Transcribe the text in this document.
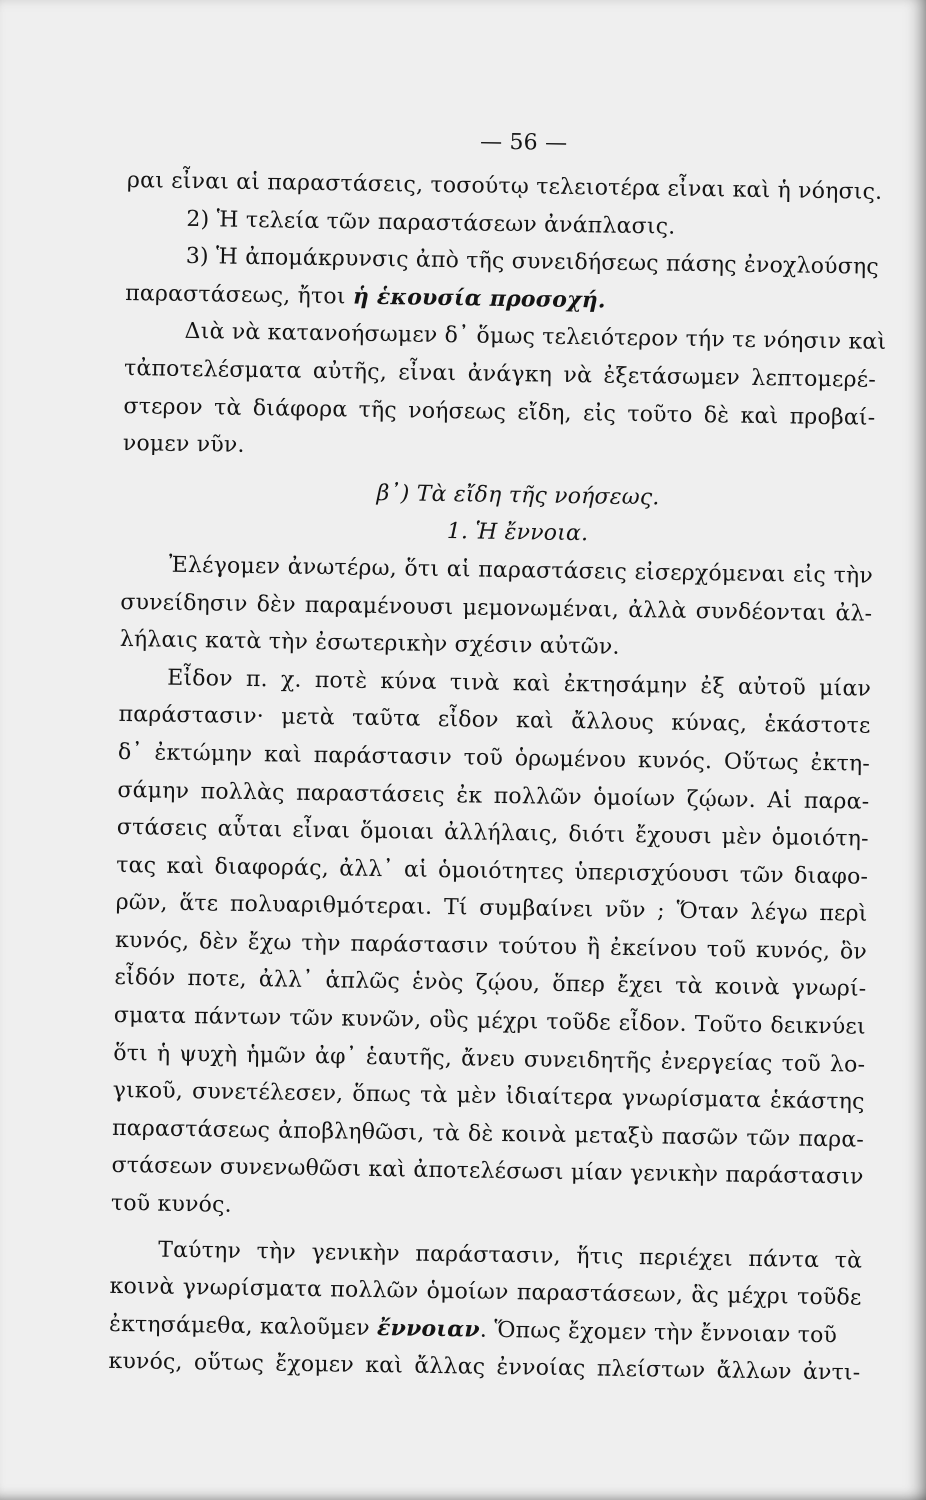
— 56 —
ραι εἶναι αἱ παραστάσεις, τοσούτῳ τελειοτέρα εἶναι καὶ ἡ νόησις.
2) Ἡ τελεία τῶν παραστάσεων ἀνάπλασις.
3) Ἡ ἀπομάκρυνσις ἀπὸ τῆς συνειδήσεως πάσης ἐνοχλούσης
παραστάσεως, ἤτοι ἡ ἑκουσία προσοχή.
Διὰ νὰ κατανοήσωμεν δ᾽ ὅμως τελειότερον τήν τε νόησιν καὶ
τἀποτελέσματα αὐτῆς, εἶναι ἀνάγκη νὰ ἐξετάσωμεν λεπτομερέ-
στερον τὰ διάφορα τῆς νοήσεως εἴδη, εἰς τοῦτο δὲ καὶ προβαί-
νομεν νῦν.
β᾽) Τὰ εἴδη τῆς νοήσεως.
1. Ἡ ἔννοια.
Ἐλέγομεν ἀνωτέρω, ὅτι αἱ παραστάσεις εἰσερχόμεναι εἰς τὴν
συνείδησιν δὲν παραμένουσι μεμονωμέναι, ἀλλὰ συνδέονται ἀλ-
λήλαις κατὰ τὴν ἐσωτερικὴν σχέσιν αὐτῶν.
Εἶδον π. χ. ποτὲ κύνα τινὰ καὶ ἐκτησάμην ἐξ αὐτοῦ μίαν
παράστασιν· μετὰ ταῦτα εἶδον καὶ ἄλλους κύνας, ἑκάστοτε
δ᾽ ἐκτώμην καὶ παράστασιν τοῦ ὁρωμένου κυνός. Οὕτως ἐκτη-
σάμην πολλὰς παραστάσεις ἐκ πολλῶν ὁμοίων ζῴων. Αἱ παρα-
στάσεις αὗται εἶναι ὅμοιαι ἀλλήλαις, διότι ἔχουσι μὲν ὁμοιότη-
τας καὶ διαφοράς, ἀλλ᾽ αἱ ὁμοιότητες ὑπερισχύουσι τῶν διαφο-
ρῶν, ἅτε πολυαριθμότεραι. Τί συμβαίνει νῦν ; Ὅταν λέγω περὶ
κυνός, δὲν ἔχω τὴν παράστασιν τούτου ἢ ἐκείνου τοῦ κυνός, ὃν
εἶδόν ποτε, ἀλλ᾽ ἁπλῶς ἑνὸς ζῴου, ὅπερ ἔχει τὰ κοινὰ γνωρί-
σματα πάντων τῶν κυνῶν, οὓς μέχρι τοῦδε εἶδον. Τοῦτο δεικνύει
ὅτι ἡ ψυχὴ ἡμῶν ἀφ᾽ ἑαυτῆς, ἄνευ συνειδητῆς ἐνεργείας τοῦ λο-
γικοῦ, συνετέλεσεν, ὅπως τὰ μὲν ἰδιαίτερα γνωρίσματα ἑκάστης
παραστάσεως ἀποβληθῶσι, τὰ δὲ κοινὰ μεταξὺ πασῶν τῶν παρα-
στάσεων συνενωθῶσι καὶ ἀποτελέσωσι μίαν γενικὴν παράστασιν
τοῦ κυνός.
Ταύτην τὴν γενικὴν παράστασιν, ἥτις περιέχει πάντα τὰ
κοινὰ γνωρίσματα πολλῶν ὁμοίων παραστάσεων, ἃς μέχρι τοῦδε
ἐκτησάμεθα, καλοῦμεν ἔννοιαν. Ὅπως ἔχομεν τὴν ἔννοιαν τοῦ
κυνός, οὕτως ἔχομεν καὶ ἄλλας ἐννοίας πλείστων ἄλλων ἀντι-
